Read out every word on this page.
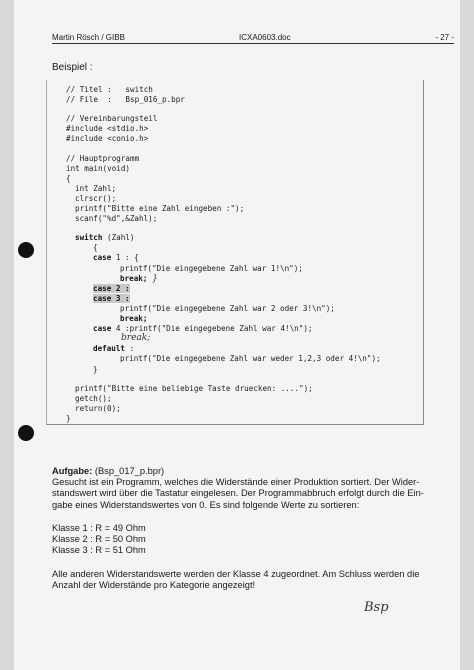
Martin Rösch / GIBB	ICXA0603.doc	- 27 -
Beispiel :
// Titel :   switch
// File  :   Bsp_016_p.bpr
// Vereinbarungsteil
#include <stdio.h>
#include <conio.h>
// Hauptprogramm
int main(void)
{
int Zahl;
clrscr();
printf("Bitte eine Zahl eingeben :");
scanf("%d",&Zahl);
switch (Zahl)
{
case 1 : {
printf("Die eingegebene Zahl war 1!\n");
break; }
case 2 :
case 3 :
printf("Die eingegebene Zahl war 2 oder 3!\n");
break;
case 4 :printf("Die eingegebene Zahl war 4!\n");
break;
default :
printf("Die eingegebene Zahl war weder 1,2,3 oder 4!\n");
}
printf("Bitte eine beliebige Taste druecken: ....");
getch();
return(0);
}
Aufgabe: (Bsp_017_p.bpr)
Gesucht ist ein Programm, welches die Widerstände einer Produktion sortiert. Der Wider-
standswert wird über die Tastatur eingelesen. Der Programmabbruch erfolgt durch die Ein-
gabe eines Widerstandswertes von 0. Es sind folgende Werte zu sortieren:
Klasse 1 : R = 49 Ohm
Klasse 2 : R = 50 Ohm
Klasse 3 : R = 51 Ohm
Alle anderen Widerstandswerte werden der Klasse 4 zugeordnet. Am Schluss werden die
Anzahl der Widerstände pro Kategorie angezeigt!
Bsp
